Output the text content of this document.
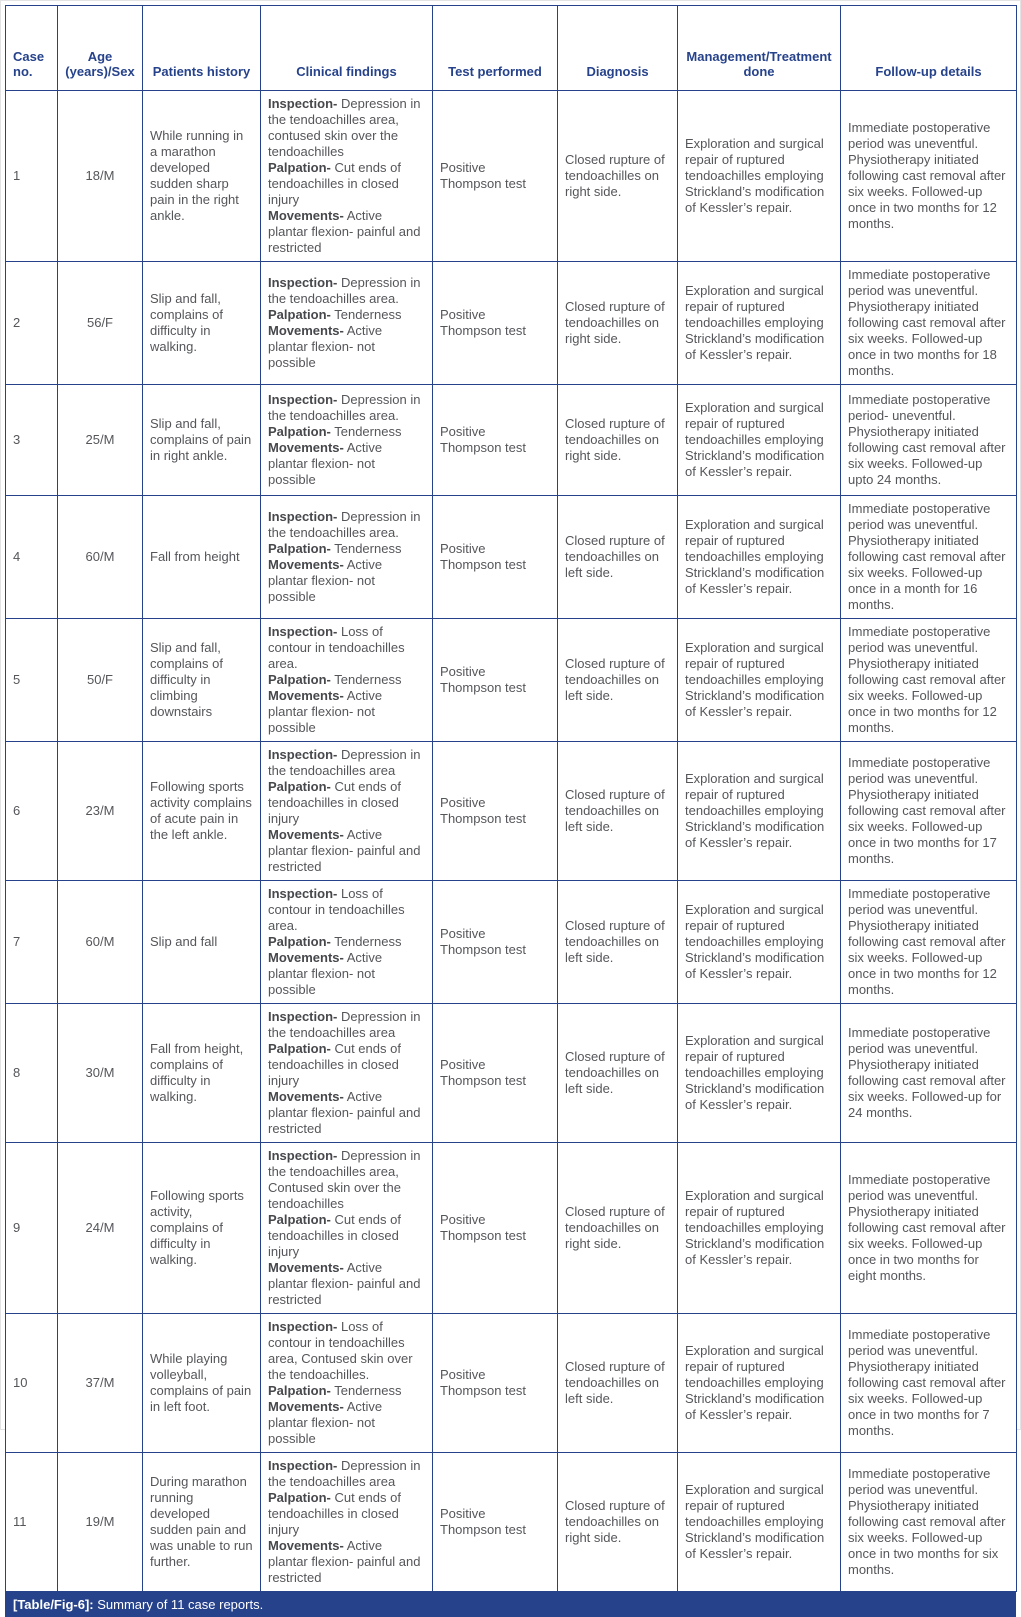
Case no.	Age (years)/Sex	Patients history	Clinical findings	Test performed	Diagnosis	Management/Treatment done	Follow-up details
1	18/M	While running in a marathon developed sudden sharp pain in the right ankle.	Inspection- Depression in the tendoachilles area, contused skin over the tendoachilles
Palpation- Cut ends of tendoachilles in closed injury
Movements- Active plantar flexion- painful and restricted	Positive Thompson test	Closed rupture of tendoachilles on right side.	Exploration and surgical repair of ruptured tendoachilles employing Strickland’s modification of Kessler’s repair.	Immediate postoperative period was uneventful. Physiotherapy initiated following cast removal after six weeks. Followed-up once in two months for 12 months.
2	56/F	Slip and fall, complains of difficulty in walking.	Inspection- Depression in the tendoachilles area.
Palpation- Tenderness
Movements- Active plantar flexion- not possible	Positive Thompson test	Closed rupture of tendoachilles on right side.	Exploration and surgical repair of ruptured tendoachilles employing Strickland’s modification of Kessler’s repair.	Immediate postoperative period was uneventful. Physiotherapy initiated following cast removal after six weeks. Followed-up once in two months for 18 months.
3	25/M	Slip and fall, complains of pain in right ankle.	Inspection- Depression in the tendoachilles area.
Palpation- Tenderness
Movements- Active plantar flexion- not possible	Positive Thompson test	Closed rupture of tendoachilles on right side.	Exploration and surgical repair of ruptured tendoachilles employing Strickland’s modification of Kessler’s repair.	Immediate postoperative period- uneventful. Physiotherapy initiated following cast removal after six weeks. Followed-up upto 24 months.
4	60/M	Fall from height	Inspection- Depression in the tendoachilles area.
Palpation- Tenderness
Movements- Active plantar flexion- not possible	Positive Thompson test	Closed rupture of tendoachilles on left side.	Exploration and surgical repair of ruptured tendoachilles employing Strickland’s modification of Kessler’s repair.	Immediate postoperative period was uneventful. Physiotherapy initiated following cast removal after six weeks. Followed-up once in a month for 16 months.
5	50/F	Slip and fall, complains of difficulty in climbing downstairs	Inspection- Loss of contour in tendoachilles area.
Palpation- Tenderness
Movements- Active plantar flexion- not possible	Positive Thompson test	Closed rupture of tendoachilles on left side.	Exploration and surgical repair of ruptured tendoachilles employing Strickland’s modification of Kessler’s repair.	Immediate postoperative period was uneventful. Physiotherapy initiated following cast removal after six weeks. Followed-up once in two months for 12 months.
6	23/M	Following sports activity complains of acute pain in the left ankle.	Inspection- Depression in the tendoachilles area
Palpation- Cut ends of tendoachilles in closed injury
Movements- Active plantar flexion- painful and restricted	Positive Thompson test	Closed rupture of tendoachilles on left side.	Exploration and surgical repair of ruptured tendoachilles employing Strickland’s modification of Kessler’s repair.	Immediate postoperative period was uneventful. Physiotherapy initiated following cast removal after six weeks. Followed-up once in two months for 17 months.
7	60/M	Slip and fall	Inspection- Loss of contour in tendoachilles area.
Palpation- Tenderness
Movements- Active plantar flexion- not possible	Positive Thompson test	Closed rupture of tendoachilles on left side.	Exploration and surgical repair of ruptured tendoachilles employing Strickland’s modification of Kessler’s repair.	Immediate postoperative period was uneventful. Physiotherapy initiated following cast removal after six weeks. Followed-up once in two months for 12 months.
8	30/M	Fall from height, complains of difficulty in walking.	Inspection- Depression in the tendoachilles area
Palpation- Cut ends of tendoachilles in closed injury
Movements- Active plantar flexion- painful and restricted	Positive Thompson test	Closed rupture of tendoachilles on left side.	Exploration and surgical repair of ruptured tendoachilles employing Strickland’s modification of Kessler’s repair.	Immediate postoperative period was uneventful. Physiotherapy initiated following cast removal after six weeks. Followed-up for 24 months.
9	24/M	Following sports activity, complains of difficulty in walking.	Inspection- Depression in the tendoachilles area, Contused skin over the tendoachilles
Palpation- Cut ends of tendoachilles in closed injury
Movements- Active plantar flexion- painful and restricted	Positive Thompson test	Closed rupture of tendoachilles on right side.	Exploration and surgical repair of ruptured tendoachilles employing Strickland’s modification of Kessler’s repair.	Immediate postoperative period was uneventful. Physiotherapy initiated following cast removal after six weeks. Followed-up once in two months for eight months.
10	37/M	While playing volleyball, complains of pain in left foot.	Inspection- Loss of contour in tendoachilles area, Contused skin over the tendoachilles.
Palpation- Tenderness
Movements- Active plantar flexion- not possible	Positive Thompson test	Closed rupture of tendoachilles on left side.	Exploration and surgical repair of ruptured tendoachilles employing Strickland’s modification of Kessler’s repair.	Immediate postoperative period was uneventful. Physiotherapy initiated following cast removal after six weeks. Followed-up once in two months for 7 months.
11	19/M	During marathon running developed sudden pain and was unable to run further.	Inspection- Depression in the tendoachilles area
Palpation- Cut ends of tendoachilles in closed injury
Movements- Active plantar flexion- painful and restricted	Positive Thompson test	Closed rupture of tendoachilles on right side.	Exploration and surgical repair of ruptured tendoachilles employing Strickland’s modification of Kessler’s repair.	Immediate postoperative period was uneventful. Physiotherapy initiated following cast removal after six weeks. Followed-up once in two months for six months.
[Table/Fig-6]: Summary of 11 case reports.
